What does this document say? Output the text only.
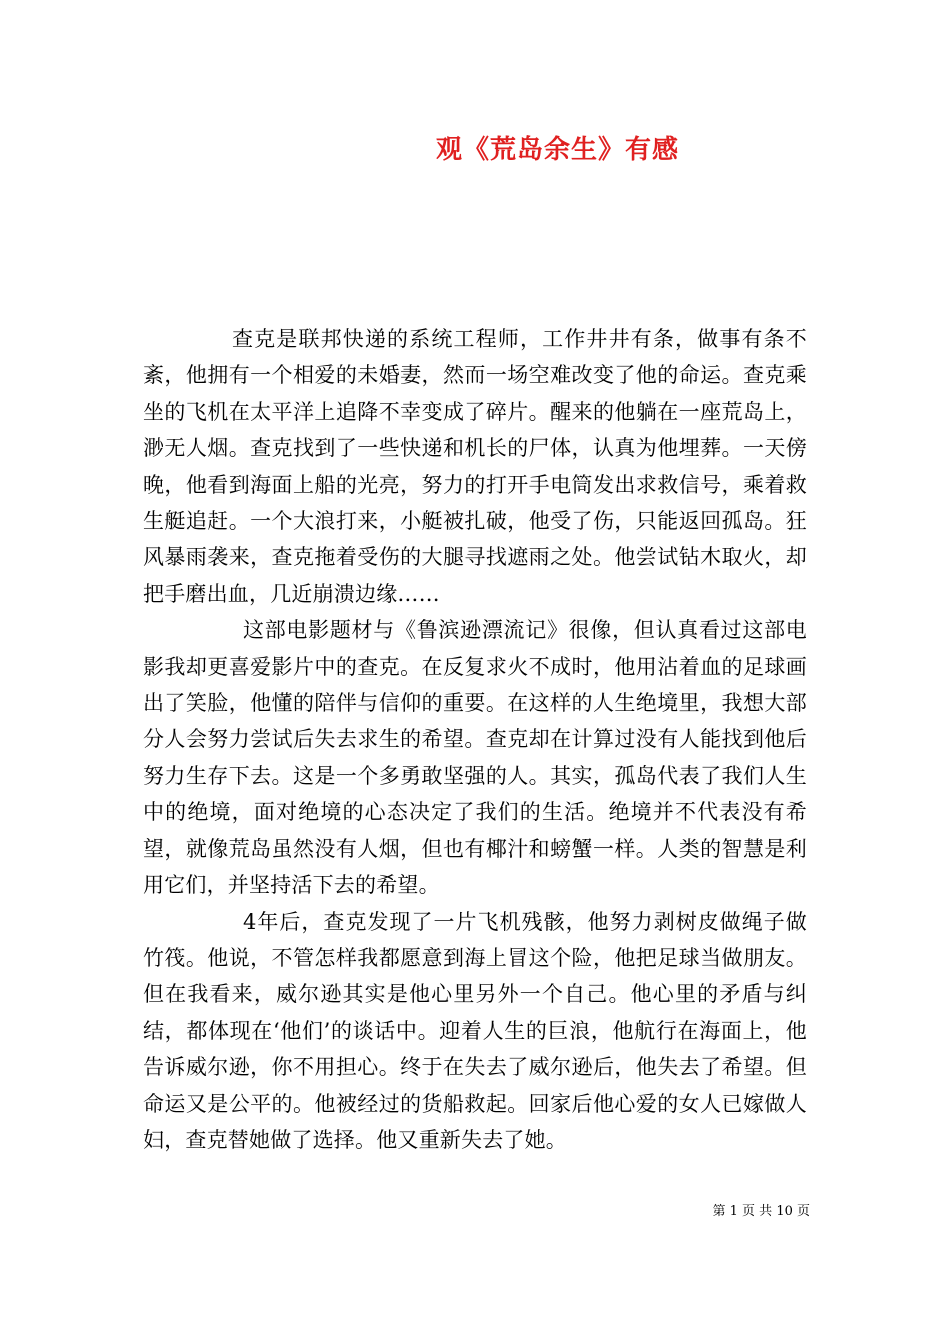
观《荒岛余生》有感

查克是联邦快递的系统工程师，工作井井有条，做事有条不紊，他拥有一个相爱的未婚妻，然而一场空难改变了他的命运。查克乘坐的飞机在太平洋上追降不幸变成了碎片。醒来的他躺在一座荒岛上，渺无人烟。查克找到了一些快递和机长的尸体，认真为他埋葬。一天傍晚，他看到海面上船的光亮，努力的打开手电筒发出求救信号，乘着救生艇追赶。一个大浪打来，小艇被扎破，他受了伤，只能返回孤岛。狂风暴雨袭来，查克拖着受伤的大腿寻找遮雨之处。他尝试钻木取火，却把手磨出血，几近崩溃边缘……

这部电影题材与《鲁滨逊漂流记》很像，但认真看过这部电影我却更喜爱影片中的查克。在反复求火不成时，他用沾着血的足球画出了笑脸，他懂的陪伴与信仰的重要。在这样的人生绝境里，我想大部分人会努力尝试后失去求生的希望。查克却在计算过没有人能找到他后努力生存下去。这是一个多勇敢坚强的人。其实，孤岛代表了我们人生中的绝境，面对绝境的心态决定了我们的生活。绝境并不代表没有希望，就像荒岛虽然没有人烟，但也有椰汁和螃蟹一样。人类的智慧是利用它们，并坚持活下去的希望。

4年后，查克发现了一片飞机残骸，他努力剥树皮做绳子做竹筏。他说，不管怎样我都愿意到海上冒这个险，他把足球当做朋友。但在我看来，威尔逊其实是他心里另外一个自己。他心里的矛盾与纠结，都体现在‘他们’的谈话中。迎着人生的巨浪，他航行在海面上，他告诉威尔逊，你不用担心。终于在失去了威尔逊后，他失去了希望。但命运又是公平的。他被经过的货船救起。回家后他心爱的女人已嫁做人妇，查克替她做了选择。他又重新失去了她。

第 1 页 共 10 页
